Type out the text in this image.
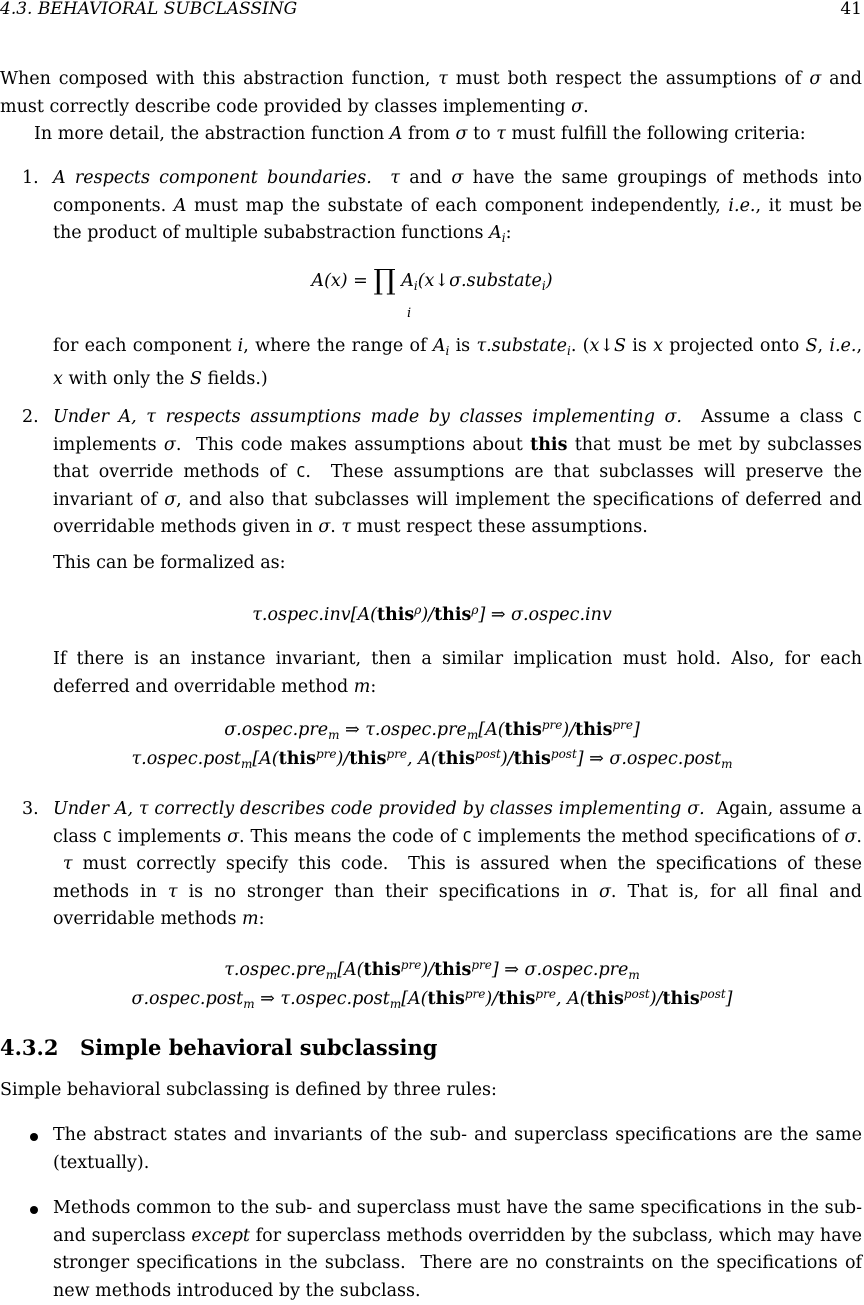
4.3. BEHAVIORAL SUBCLASSING	41
When composed with this abstraction function, τ must both respect the assumptions of σ and must correctly describe code provided by classes implementing σ.
In more detail, the abstraction function A from σ to τ must fulfill the following criteria:
1. A respects component boundaries. τ and σ have the same groupings of methods into components. A must map the substate of each component independently, i.e., it must be the product of multiple subabstraction functions $A_i$:

A(x) = ∏ $A_i(x↓\sigma.substate_i)$
i

for each component i, where the range of $A_i$ is τ.substate$_i$. (x↓S is x projected onto S, i.e., x with only the S fields.)

2. Under A, τ respects assumptions made by classes implementing σ.  Assume a class C implements σ.  This code makes assumptions about this that must be met by subclasses that override methods of C.  These assumptions are that subclasses will preserve the invariant of σ, and also that subclasses will implement the specifications of deferred and overridable methods given in σ. τ must respect these assumptions.

This can be formalized as:

τ.ospec.inv[A(this$^\rho$)/this$^\rho$] ⇒ σ.ospec.inv

If there is an instance invariant, then a similar implication must hold. Also, for each deferred and overridable method m:

σ.ospec.pre$_m$ ⇒ τ.ospec.pre$_m$[A(this$^{pre}$)/this$^{pre}$]
τ.ospec.post$_m$[A(this$^{pre}$)/this$^{pre}$, A(this$^{post}$)/this$^{post}$] ⇒ σ.ospec.post$_m$
3. Under A, τ correctly describes code provided by classes implementing σ.  Again, assume a class C implements σ. This means the code of C implements the method specifications of σ.  τ must correctly specify this code.  This is assured when the specifications of these methods in τ is no stronger than their specifications in σ. That is, for all final and overridable methods m:

τ.ospec.pre$_m$[A(this$^{pre}$)/this$^{pre}$] ⇒ σ.ospec.pre$_m$
σ.ospec.post$_m$ ⇒ τ.ospec.post$_m$[A(this$^{pre}$)/this$^{pre}$, A(this$^{post}$)/this$^{post}$]
4.3.2 Simple behavioral subclassing
Simple behavioral subclassing is defined by three rules:
The abstract states and invariants of the sub- and superclass specifications are the same (textually).
Methods common to the sub- and superclass must have the same specifications in the sub- and superclass except for superclass methods overridden by the subclass, which may have stronger specifications in the subclass.  There are no constraints on the specifications of new methods introduced by the subclass.
